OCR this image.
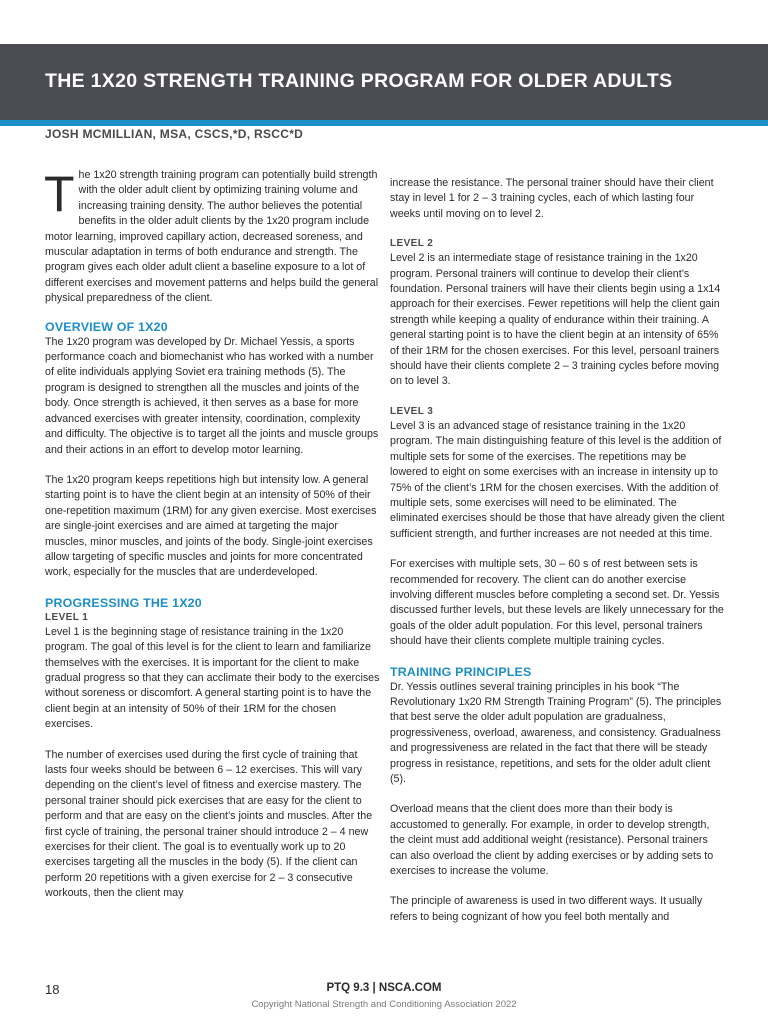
THE 1X20 STRENGTH TRAINING PROGRAM FOR OLDER ADULTS
JOSH MCMILLIAN, MSA, CSCS,*D, RSCC*D

The 1x20 strength training program can potentially build strength with the older adult client by optimizing training volume and increasing training density. The author believes the potential benefits in the older adult clients by the 1x20 program include motor learning, improved capillary action, decreased soreness, and muscular adaptation in terms of both endurance and strength. The program gives each older adult client a baseline exposure to a lot of different exercises and movement patterns and helps build the general physical preparedness of the client.

OVERVIEW OF 1X20

The 1x20 program was developed by Dr. Michael Yessis, a sports performance coach and biomechanist who has worked with a number of elite individuals applying Soviet era training methods (5). The program is designed to strengthen all the muscles and joints of the body. Once strength is achieved, it then serves as a base for more advanced exercises with greater intensity, coordination, complexity and difficulty. The objective is to target all the joints and muscle groups and their actions in an effort to develop motor learning.

The 1x20 program keeps repetitions high but intensity low. A general starting point is to have the client begin at an intensity of 50% of their one-repetition maximum (1RM) for any given exercise. Most exercises are single-joint exercises and are aimed at targeting the major muscles, minor muscles, and joints of the body. Single-joint exercises allow targeting of specific muscles and joints for more concentrated work, especially for the muscles that are underdeveloped.

PROGRESSING THE 1X20
LEVEL 1

Level 1 is the beginning stage of resistance training in the 1x20 program. The goal of this level is for the client to learn and familiarize themselves with the exercises. It is important for the client to make gradual progress so that they can acclimate their body to the exercises without soreness or discomfort. A general starting point is to have the client begin at an intensity of 50% of their 1RM for the chosen exercises.

The number of exercises used during the first cycle of training that lasts four weeks should be between 6 – 12 exercises. This will vary depending on the client’s level of fitness and exercise mastery. The personal trainer should pick exercises that are easy for the client to perform and that are easy on the client’s joints and muscles. After the first cycle of training, the personal trainer should introduce 2 – 4 new exercises for their client. The goal is to eventually work up to 20 exercises targeting all the muscles in the body (5). If the client can perform 20 repetitions with a given exercise for 2 – 3 consecutive workouts, then the client may

increase the resistance. The personal trainer should have their client stay in level 1 for 2 – 3 training cycles, each of which lasting four weeks until moving on to level 2.

LEVEL 2

Level 2 is an intermediate stage of resistance training in the 1x20 program. Personal trainers will continue to develop their client’s foundation. Personal trainers will have their clients begin using a 1x14 approach for their exercises. Fewer repetitions will help the client gain strength while keeping a quality of endurance within their training. A general starting point is to have the client begin at an intensity of 65% of their 1RM for the chosen exercises. For this level, persoanl trainers should have their clients complete 2 – 3 training cycles before moving on to level 3.

LEVEL 3

Level 3 is an advanced stage of resistance training in the 1x20 program. The main distinguishing feature of this level is the addition of multiple sets for some of the exercises. The repetitions may be lowered to eight on some exercises with an increase in intensity up to 75% of the client’s 1RM for the chosen exercises. With the addition of multiple sets, some exercises will need to be eliminated. The eliminated exercises should be those that have already given the client sufficient strength, and further increases are not needed at this time.

For exercises with multiple sets, 30 – 60 s of rest between sets is recommended for recovery. The client can do another exercise involving different muscles before completing a second set. Dr. Yessis discussed further levels, but these levels are likely unnecessary for the goals of the older adult population. For this level, personal trainers should have their clients complete multiple training cycles.

TRAINING PRINCIPLES

Dr. Yessis outlines several training principles in his book “The Revolutionary 1x20 RM Strength Training Program” (5). The principles that best serve the older adult population are gradualness, progressiveness, overload, awareness, and consistency. Gradualness and progressiveness are related in the fact that there will be steady progress in resistance, repetitions, and sets for the older adult client (5).

Overload means that the client does more than their body is accustomed to generally. For example, in order to develop strength, the cleint must add additional weight (resistance). Personal trainers can also overload the client by adding exercises or by adding sets to exercises to increase the volume.

The principle of awareness is used in two different ways. It usually refers to being cognizant of how you feel both mentally and

18	PTQ 9.3 | NSCA.COM
Copyright National Strength and Conditioning Association 2022
